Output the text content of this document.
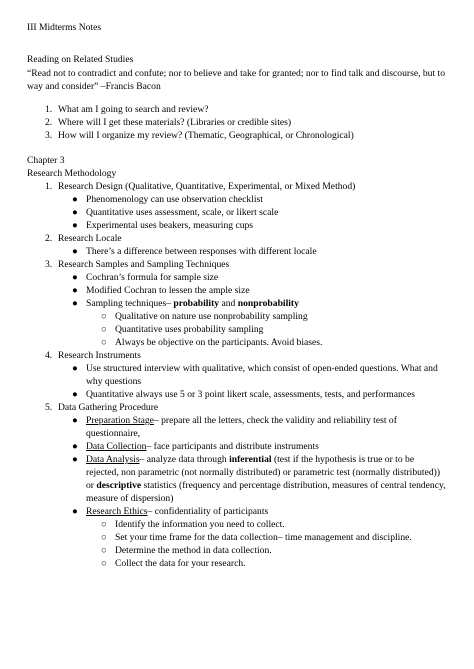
III Midterms Notes
Reading on Related Studies
“Read not to contradict and confute; nor to believe and take for granted; nor to find talk and discourse, but to
way and consider” –Francis Bacon
1. What am I going to search and review?
2. Where will I get these materials? (Libraries or credible sites)
3. How will I organize my review? (Thematic, Geographical, or Chronological)
Chapter 3
Research Methodology
1. Research Design (Qualitative, Quantitative, Experimental, or Mixed Method)
● Phenomenology can use observation checklist
● Quantitative uses assessment, scale, or likert scale
● Experimental uses beakers, measuring cups
2. Research Locale
● There’s a difference between responses with different locale
3. Research Samples and Sampling Techniques
● Cochran’s formula for sample size
● Modified Cochran to lessen the ample size
● Sampling techniques– probability and nonprobability
○ Qualitative on nature use nonprobability sampling
○ Quantitative uses probability sampling
○ Always be objective on the participants. Avoid biases.
4. Research Instruments
● Use structured interview with qualitative, which consist of open-ended questions. What and
why questions
● Quantitative always use 5 or 3 point likert scale, assessments, tests, and performances
5. Data Gathering Procedure
● Preparation Stage– prepare all the letters, check the validity and reliability test of
questionnaire,
● Data Collection– face participants and distribute instruments
● Data Analysis– analyze data through inferential (test if the hypothesis is true or to be
rejected, non parametric (not normally distributed) or parametric test (normally distributed))
or descriptive statistics (frequency and percentage distribution, measures of central tendency,
measure of dispersion)
● Research Ethics– confidentiality of participants
○ Identify the information you need to collect.
○ Set your time frame for the data collection– time management and discipline.
○ Determine the method in data collection.
○ Collect the data for your research.
